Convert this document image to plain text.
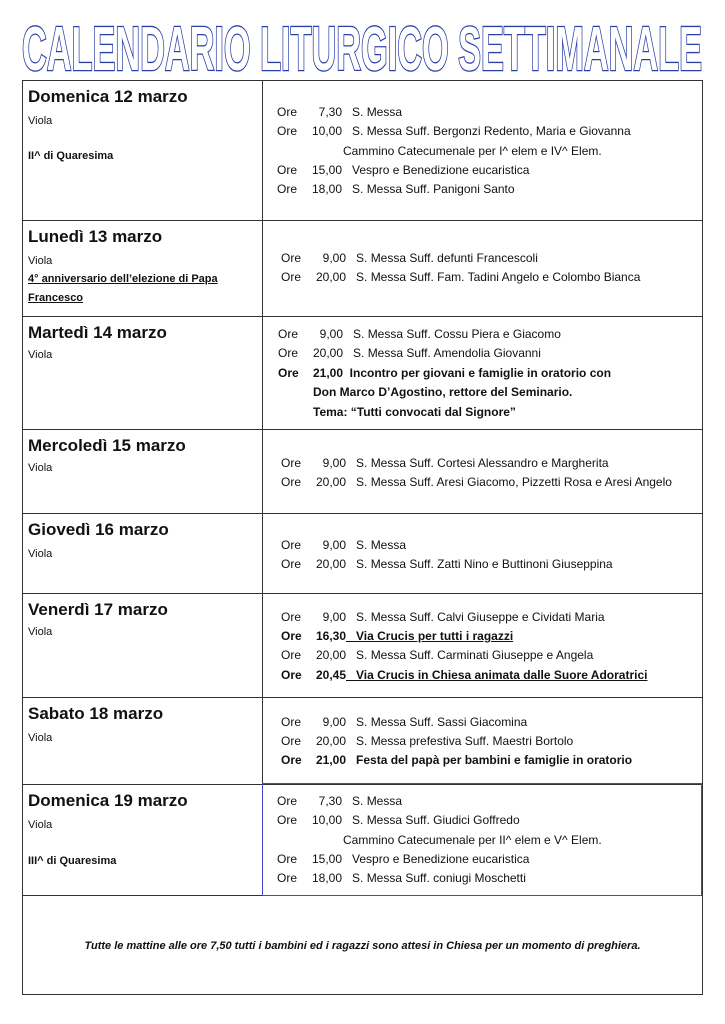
CALENDARIO LITURGICO SETTIMANALE
Domenica 12 marzo
Viola
II^ di Quaresima
Ore 7,30 S. Messa
Ore 10,00 S. Messa Suff. Bergonzi Redento, Maria e Giovanna
Cammino Catecumenale per I^ elem e IV^ Elem.
Ore 15,00 Vespro e Benedizione eucaristica
Ore 18,00 S. Messa Suff. Panigoni Santo
Lunedì 13 marzo
Viola
4° anniversario dell’elezione di Papa Francesco
Ore 9,00 S. Messa Suff. defunti Francescoli
Ore 20,00 S. Messa Suff. Fam. Tadini Angelo e Colombo Bianca
Martedì 14 marzo
Viola
Ore 9,00 S. Messa Suff. Cossu Piera e Giacomo
Ore 20,00 S. Messa Suff. Amendolia Giovanni
Ore 21,00 Incontro per giovani e famiglie in oratorio con
Don Marco D’Agostino, rettore del Seminario.
Tema: “Tutti convocati dal Signore”
Mercoledì 15 marzo
Viola	Ore 9,00 S. Messa Suff. Cortesi Alessandro e Margherita
Ore 20,00 S. Messa Suff. Aresi Giacomo, Pizzetti Rosa e Aresi Angelo
Giovedì 16 marzo
Viola
Ore 9,00 S. Messa
Ore 20,00 S. Messa Suff. Zatti Nino e Buttinoni Giuseppina
Venerdì 17 marzo
Viola
Ore 9,00 S. Messa Suff. Calvi Giuseppe e Cividati Maria
Ore 16,30 Via Crucis per tutti i ragazzi
Ore 20,00 S. Messa Suff. Carminati Giuseppe e Angela
Ore 20,45 Via Crucis in Chiesa animata dalle Suore Adoratrici
Sabato 18 marzo
Viola
Ore 9,00 S. Messa Suff. Sassi Giacomina
Ore 20,00 S. Messa prefestiva Suff. Maestri Bortolo
Ore 21,00 Festa del papà per bambini e famiglie in oratorio
Domenica 19 marzo
Viola
III^ di Quaresima
Ore 7,30 S. Messa
Ore 10,00 S. Messa Suff. Giudici Goffredo
Cammino Catecumenale per II^ elem e V^ Elem.
Ore 15,00 Vespro e Benedizione eucaristica
Ore 18,00 S. Messa Suff. coniugi Moschetti
Tutte le mattine alle ore 7,50 tutti i bambini ed i ragazzi sono attesi in Chiesa per un momento di preghiera.
